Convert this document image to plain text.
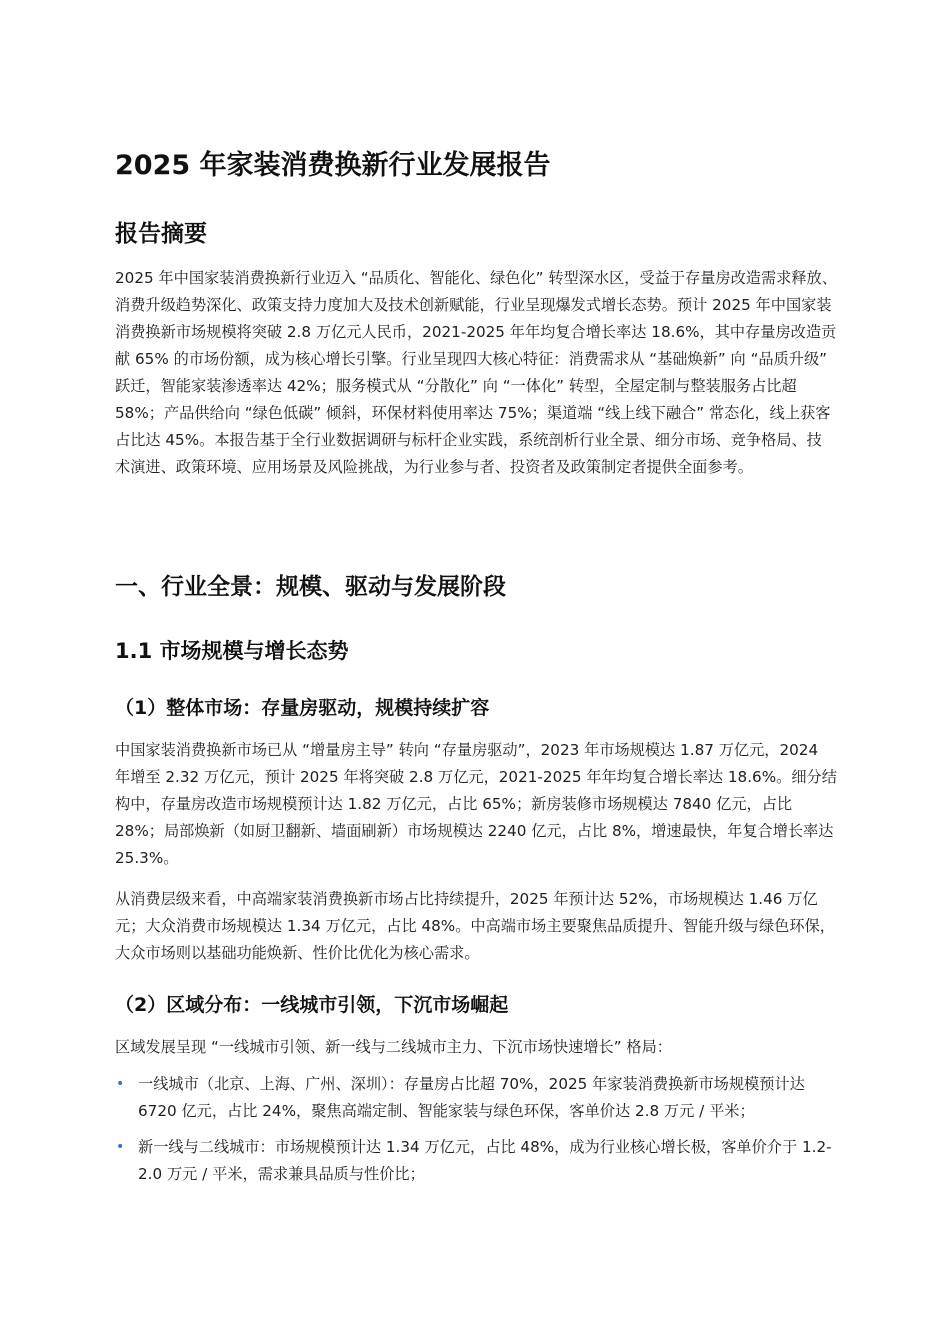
2025 年家装消费换新行业发展报告
报告摘要

2025 年中国家装消费换新行业迈入 “品质化、智能化、绿色化” 转型深水区，受益于存量房改造需求释放、消费升级趋势深化、政策支持力度加大及技术创新赋能，行业呈现爆发式增长态势。预计 2025 年中国家装消费换新市场规模将突破 2.8 万亿元人民币，2021-2025 年年均复合增长率达 18.6%，其中存量房改造贡献 65% 的市场份额，成为核心增长引擎。行业呈现四大核心特征：消费需求从 “基础焕新” 向 “品质升级” 跃迁，智能家装渗透率达 42%；服务模式从 “分散化” 向 “一体化” 转型，全屋定制与整装服务占比超 58%；产品供给向 “绿色低碳” 倾斜，环保材料使用率达 75%；渠道端 “线上线下融合” 常态化，线上获客占比达 45%。本报告基于全行业数据调研与标杆企业实践，系统剖析行业全景、细分市场、竞争格局、技术演进、政策环境、应用场景及风险挑战，为行业参与者、投资者及政策制定者提供全面参考。

一、行业全景：规模、驱动与发展阶段
1.1 市场规模与增长态势
（1）整体市场：存量房驱动，规模持续扩容

中国家装消费换新市场已从 “增量房主导” 转向 “存量房驱动”，2023 年市场规模达 1.87 万亿元，2024 年增至 2.32 万亿元，预计 2025 年将突破 2.8 万亿元，2021-2025 年年均复合增长率达 18.6%。细分结构中，存量房改造市场规模预计达 1.82 万亿元，占比 65%；新房装修市场规模达 7840 亿元，占比 28%；局部焕新（如厨卫翻新、墙面刷新）市场规模达 2240 亿元，占比 8%，增速最快，年复合增长率达 25.3%。

从消费层级来看，中高端家装消费换新市场占比持续提升，2025 年预计达 52%，市场规模达 1.46 万亿元；大众消费市场规模达 1.34 万亿元，占比 48%。中高端市场主要聚焦品质提升、智能升级与绿色环保，大众市场则以基础功能焕新、性价比优化为核心需求。

（2）区域分布：一线城市引领，下沉市场崛起

区域发展呈现 “一线城市引领、新一线与二线城市主力、下沉市场快速增长” 格局：

• 一线城市（北京、上海、广州、深圳）：存量房占比超 70%，2025 年家装消费换新市场规模预计达 6720 亿元，占比 24%，聚焦高端定制、智能家装与绿色环保，客单价达 2.8 万元 / 平米；
• 新一线与二线城市：市场规模预计达 1.34 万亿元，占比 48%，成为行业核心增长极，客单价介于 1.2-2.0 万元 / 平米，需求兼具品质与性价比；
